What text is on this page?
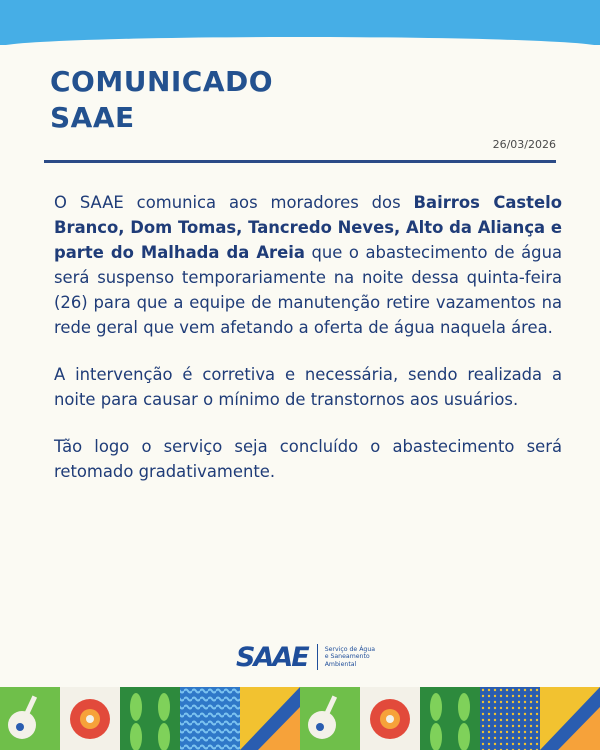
COMUNICADO
SAAE
26/03/2026

O SAAE comunica aos moradores dos Bairros Castelo Branco, Dom Tomas, Tancredo Neves, Alto da Aliança e parte do Malhada da Areia que o abastecimento de água será suspenso temporariamente na noite dessa quinta-feira (26) para que a equipe de manutenção retire vazamentos na rede geral que vem afetando a oferta de água naquela área.

A intervenção é corretiva e necessária, sendo realizada a noite para causar o mínimo de transtornos aos usuários.

Tão logo o serviço seja concluído o abastecimento será retomado gradativamente.

SAAE	Serviço de Água
e Saneamento
Ambiental
